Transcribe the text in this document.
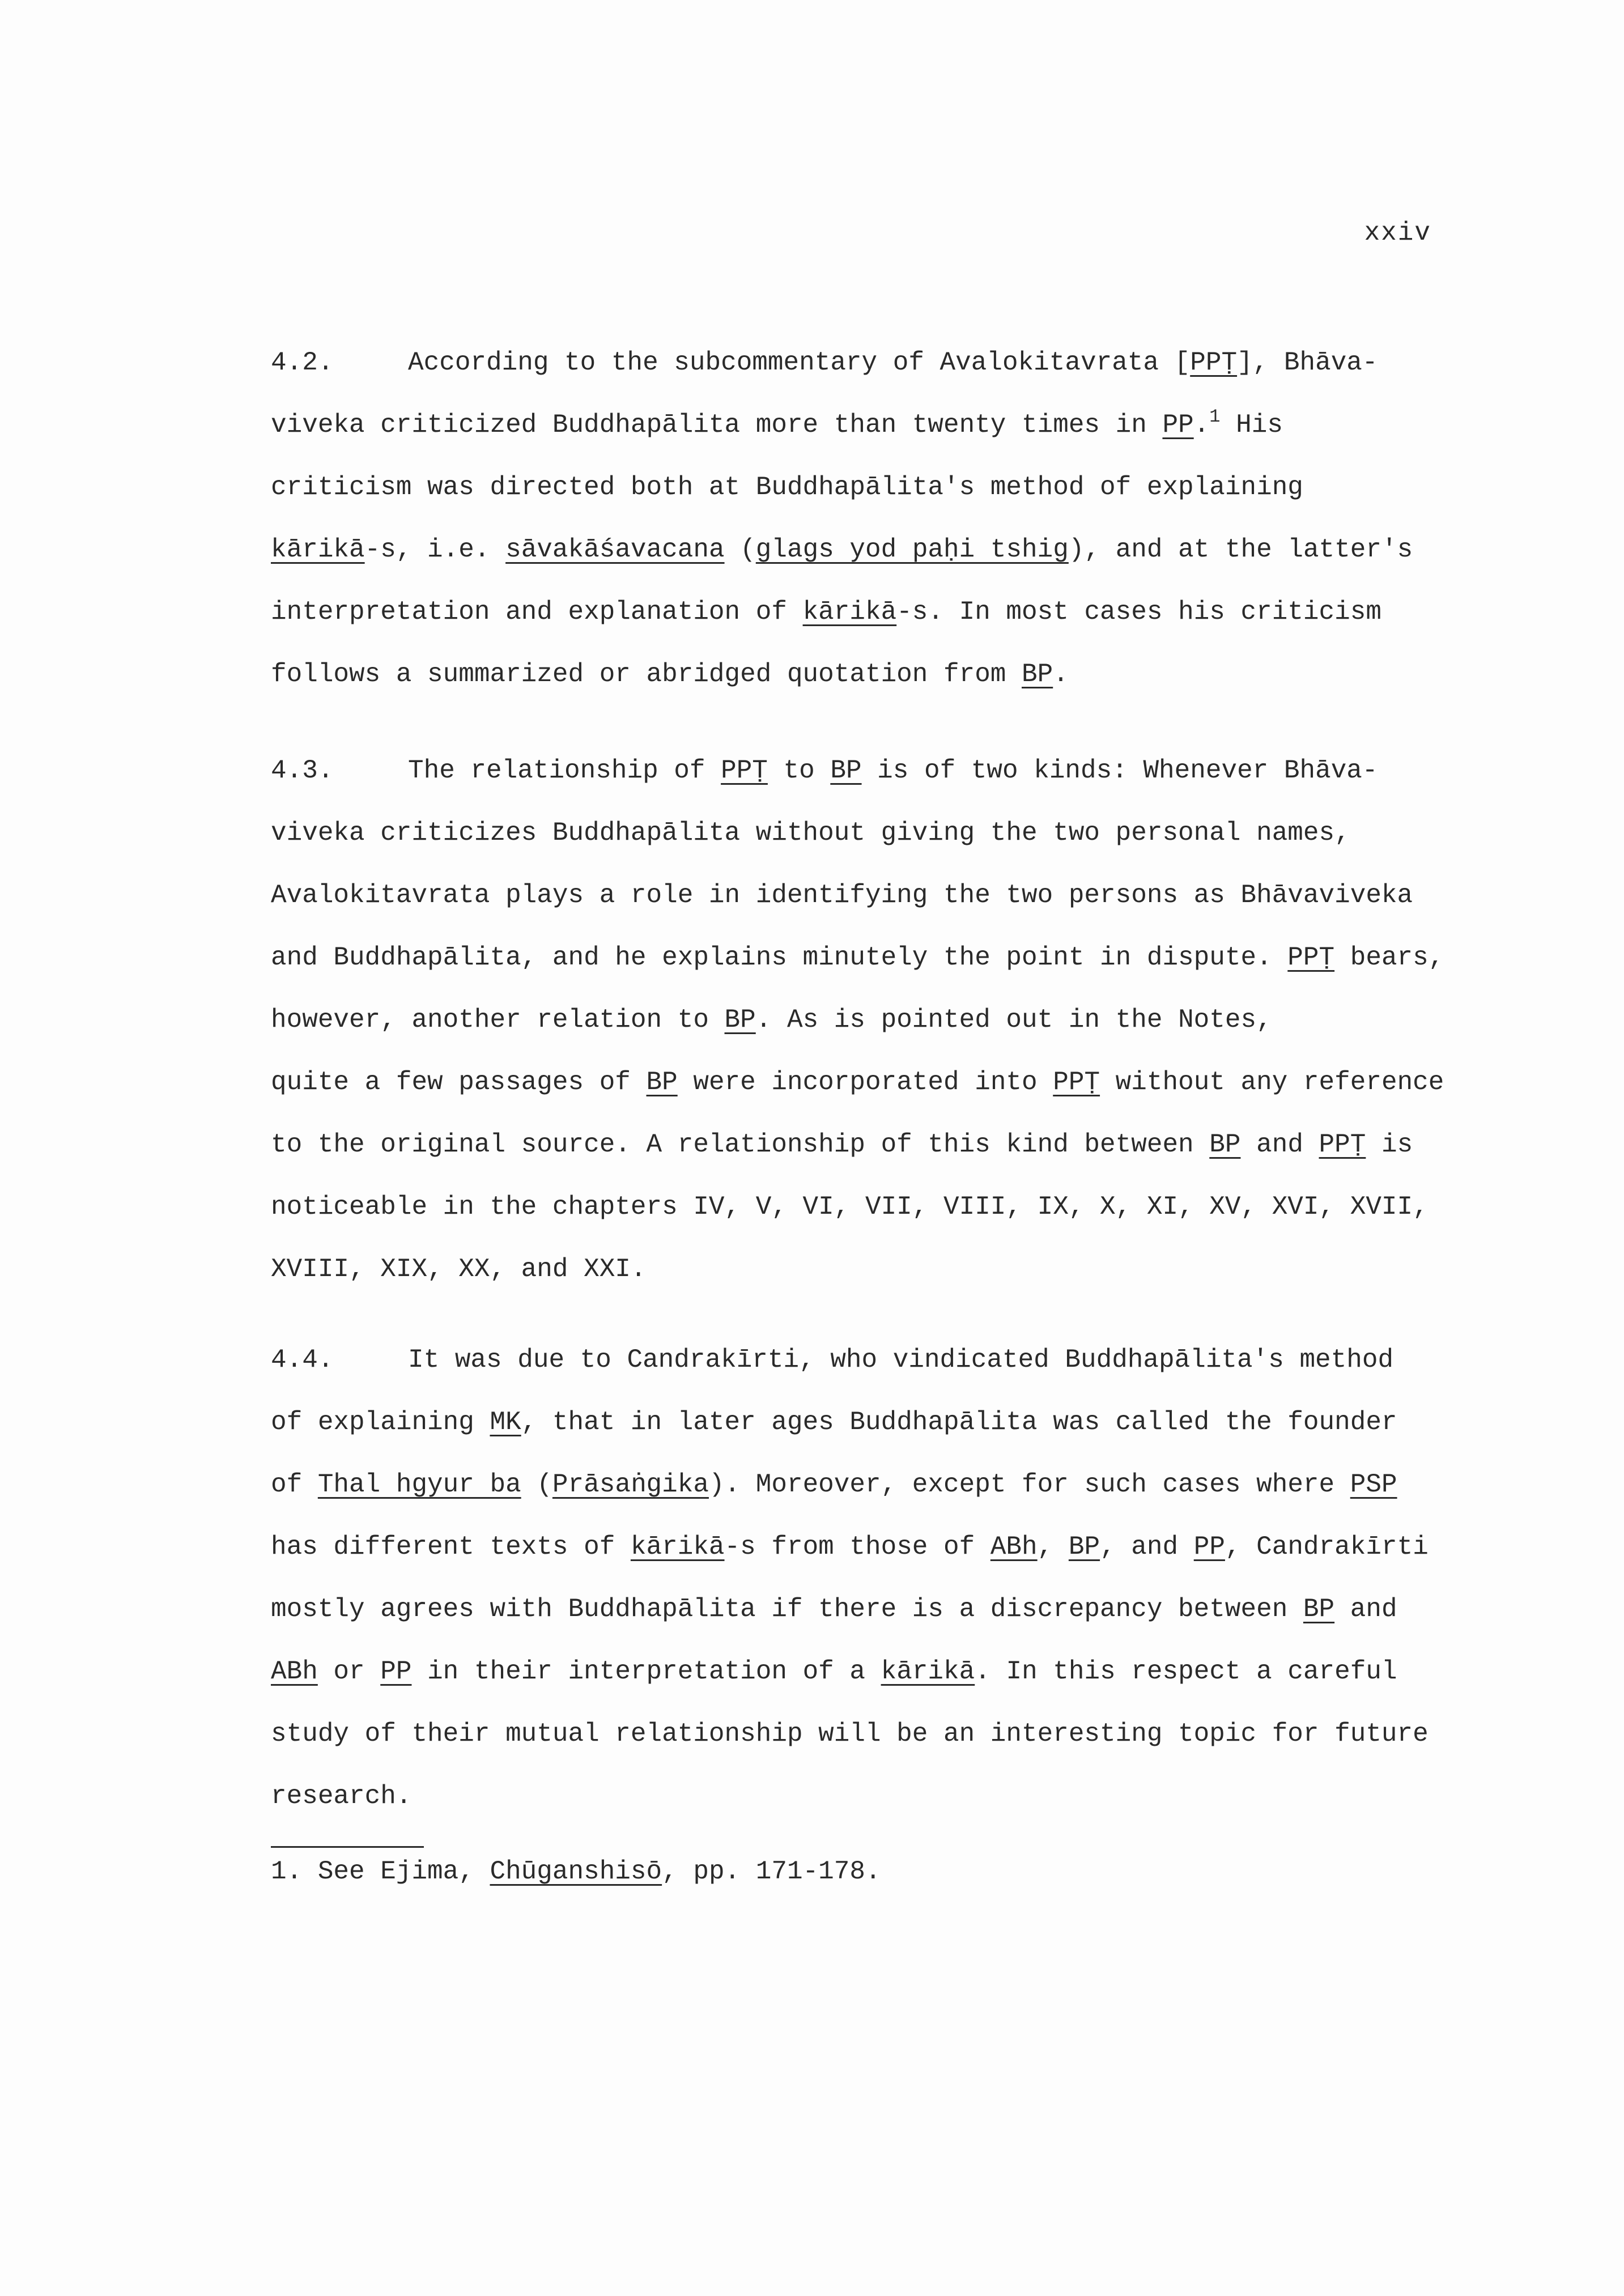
xxiv
4.2.	According to the subcommentary of Avalokitavrata [PPṬ], Bhāva-
viveka criticized Buddhapālita more than twenty times in PP.$^1$ His
criticism was directed both at Buddhapālita's method of explaining
kārikā-s, i.e. sāvakāśavacana (glags yod paḥi tshig), and at the latter's
interpretation and explanation of kārikā-s. In most cases his criticism
follows a summarized or abridged quotation from BP.
4.3.	The relationship of PPṬ to BP is of two kinds: Whenever Bhāva-
viveka criticizes Buddhapālita without giving the two personal names,
Avalokitavrata plays a role in identifying the two persons as Bhāvaviveka
and Buddhapālita, and he explains minutely the point in dispute. PPṬ bears,
however, another relation to BP. As is pointed out in the Notes,
quite a few passages of BP were incorporated into PPṬ without any reference
to the original source. A relationship of this kind between BP and PPṬ is
noticeable in the chapters IV, V, VI, VII, VIII, IX, X, XI, XV, XVI, XVII,
XVIII, XIX, XX, and XXI.
4.4.	It was due to Candrakīrti, who vindicated Buddhapālita's method
of explaining MK, that in later ages Buddhapālita was called the founder
of Thal hgyur ba (Prāsaṅgika). Moreover, except for such cases where PSP
has different texts of kārikā-s from those of ABh, BP, and PP, Candrakīrti
mostly agrees with Buddhapālita if there is a discrepancy between BP and
ABh or PP in their interpretation of a kārikā. In this respect a careful
study of their mutual relationship will be an interesting topic for future
research.
1. See Ejima, Chūganshisō, pp. 171-178.
